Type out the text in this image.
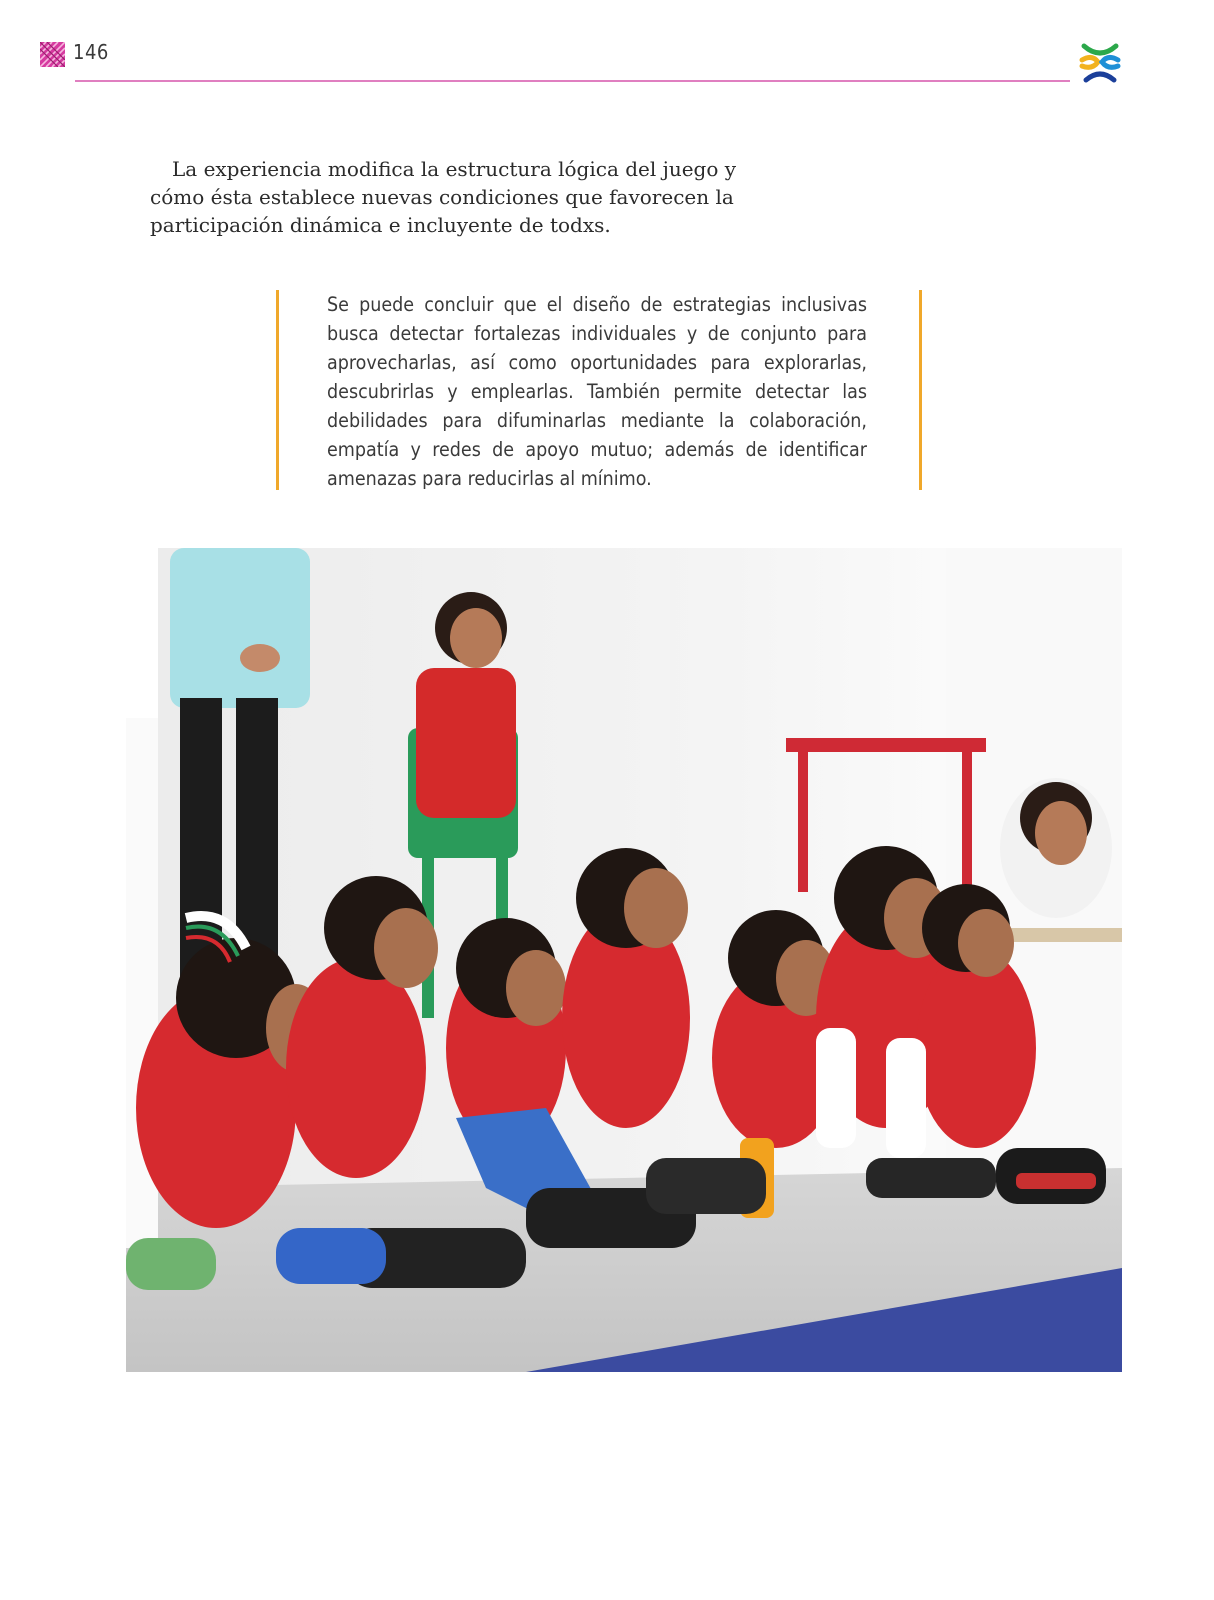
146

La experiencia modifica la estructura lógica del juego y cómo ésta establece nuevas condiciones que favorecen la participación dinámica e incluyente de todxs.

Se puede concluir que el diseño de estrategias inclusivas busca detectar fortalezas individuales y de conjunto para aprovecharlas, así como oportunidades para explorarlas, descubrirlas y emplearlas. También permite detectar las debilidades para difuminarlas mediante la colaboración, empatía y redes de apoyo mutuo; además de identificar amenazas para reducirlas al mínimo.
